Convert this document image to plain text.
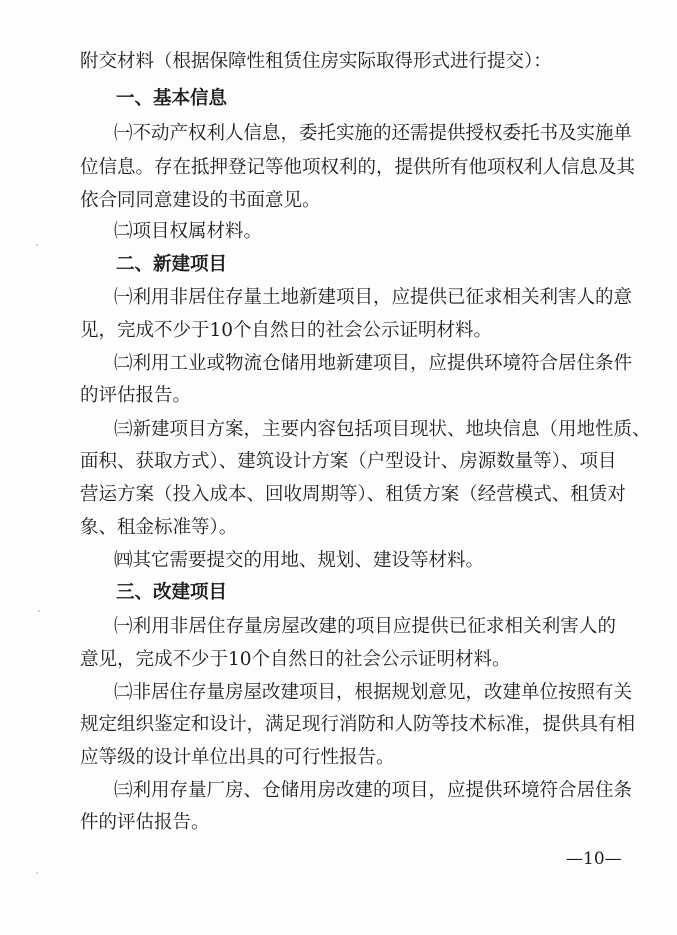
附交材料（根据保障性租赁住房实际取得形式进行提交）：
一、基本信息
㈠不动产权利人信息，委托实施的还需提供授权委托书及实施单
位信息。存在抵押登记等他项权利的，提供所有他项权利人信息及其
依合同同意建设的书面意见。
㈡项目权属材料。
二、新建项目
㈠利用非居住存量土地新建项目，应提供已征求相关利害人的意
见，完成不少于10个自然日的社会公示证明材料。
㈡利用工业或物流仓储用地新建项目，应提供环境符合居住条件
的评估报告。
㈢新建项目方案，主要内容包括项目现状、地块信息（用地性质、
面积、获取方式）、建筑设计方案（户型设计、房源数量等）、项目
营运方案（投入成本、回收周期等）、租赁方案（经营模式、租赁对
象、租金标准等）。
㈣其它需要提交的用地、规划、建设等材料。
三、改建项目
㈠利用非居住存量房屋改建的项目应提供已征求相关利害人的
意见，完成不少于10个自然日的社会公示证明材料。
㈡非居住存量房屋改建项目，根据规划意见，改建单位按照有关
规定组织鉴定和设计，满足现行消防和人防等技术标准，提供具有相
应等级的设计单位出具的可行性报告。
㈢利用存量厂房、仓储用房改建的项目，应提供环境符合居住条
件的评估报告。
—10—
